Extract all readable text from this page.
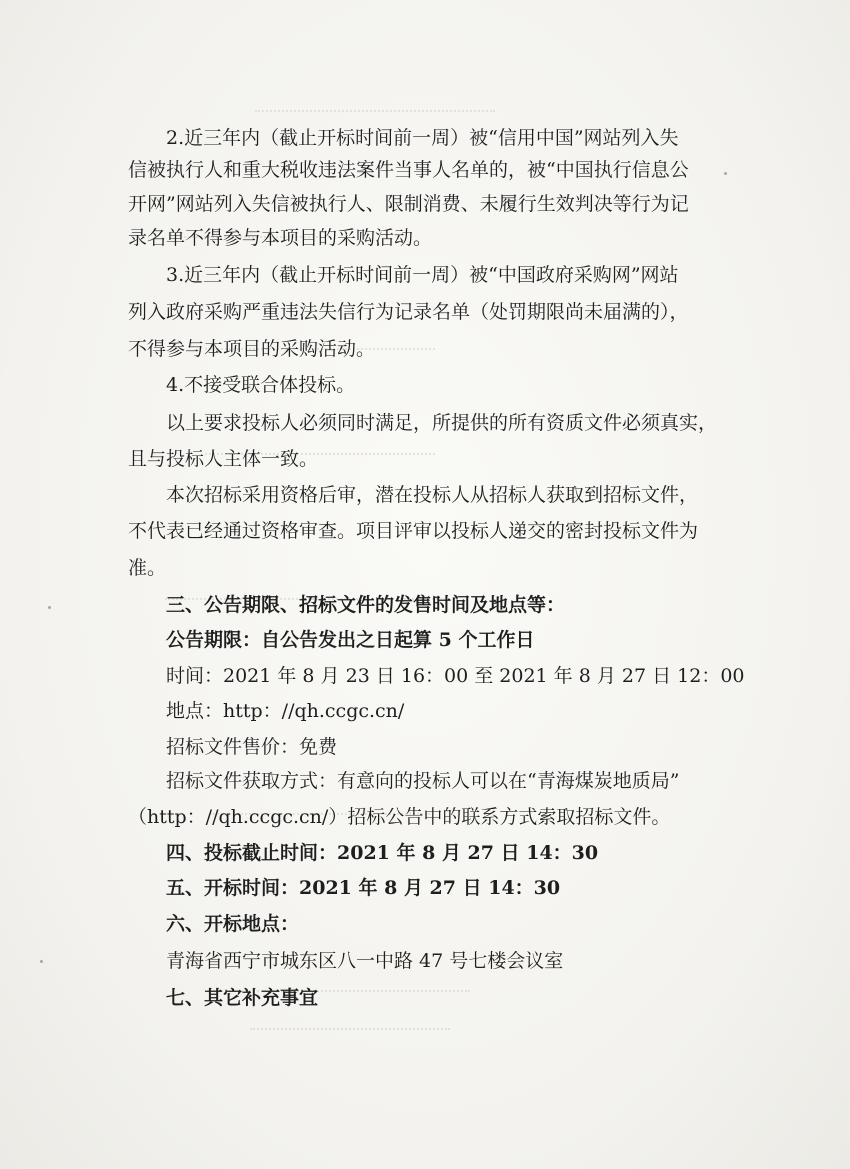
2.近三年内（截止开标时间前一周）被“信用中国”网站列入失
信被执行人和重大税收违法案件当事人名单的，被“中国执行信息公
开网”网站列入失信被执行人、限制消费、未履行生效判决等行为记
录名单不得参与本项目的采购活动。
3.近三年内（截止开标时间前一周）被“中国政府采购网”网站
列入政府采购严重违法失信行为记录名单（处罚期限尚未届满的），
不得参与本项目的采购活动。
4.不接受联合体投标。
以上要求投标人必须同时满足，所提供的所有资质文件必须真实，
且与投标人主体一致。
本次招标采用资格后审，潜在投标人从招标人获取到招标文件，
不代表已经通过资格审查。项目评审以投标人递交的密封投标文件为
准。
三、公告期限、招标文件的发售时间及地点等：
公告期限：自公告发出之日起算 5 个工作日
时间：2021 年 8 月 23 日 16：00 至 2021 年 8 月 27 日 12：00
地点：http：//qh.ccgc.cn/
招标文件售价：免费
招标文件获取方式：有意向的投标人可以在“青海煤炭地质局”
（http：//qh.ccgc.cn/）招标公告中的联系方式索取招标文件。
四、投标截止时间：2021 年 8 月 27 日 14：30
五、开标时间：2021 年 8 月 27 日 14：30
六、开标地点：
青海省西宁市城东区八一中路 47 号七楼会议室
七、其它补充事宜
